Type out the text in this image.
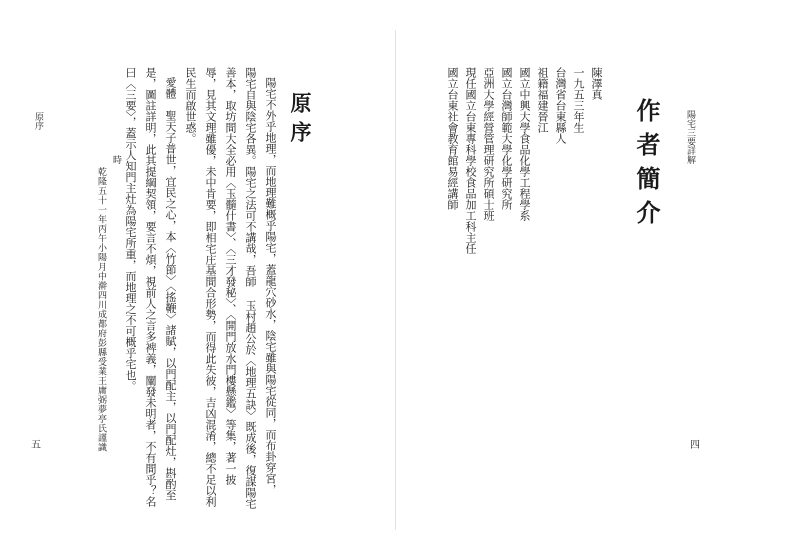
原序
五
原序
陽宅不外乎地理，而地理難概乎陽宅，蓋龍穴砂水，陰宅雖與陽宅從同，而布卦穿宮，
陽宅自與陰宅各異。陽宅之法可不講哉，吾師 玉村趙公於〈地理五訣〉既成後，復謀陽宅
善本，取坊間大全必用〈玉髓什書〉、〈三才發秘〉、〈開門放水門樓懸鑑〉等集，著一披
辱，見其文理雖優，未中肯要，即相宅庄基間合形勢，而得此失彼，吉凶混淆，總不足以利
民生而啟世惑。
愛體　聖天子普世，宜民之心，本〈竹節〉〈搖鞭〉諸賦，以門配主，以門配灶，斟酌至
是，圖註詳明，此其提綱契領，要言不煩，視前人之言多裨義，闡發未明者，不有間乎？名
曰〈三要〉，蓋示人知門主灶為陽宅所重，而地理之不可概乎宅也。
時
乾隆五十一年丙午小陽月中澣四川成都府彭縣受業王庸弼夢亭氏謹識
陽宅三要詳解
四
作者簡介
陳澤真
一九五三年生
台灣省台東縣人
祖籍福建晉江
國立中興大學食品化學工程學系
國立台灣師範大學化學研究所
亞洲大學經營管理研究所碩士班
現任國立台東專科學校食品加工科主任
國立台東社會教育館易經講師
